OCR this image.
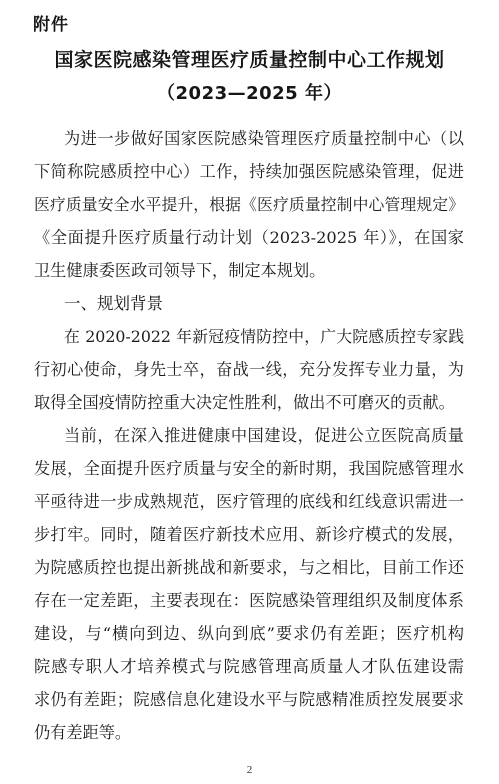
附件
国家医院感染管理医疗质量控制中心工作规划
（2023—2025 年）
为进一步做好国家医院感染管理医疗质量控制中心（以
下简称院感质控中心）工作，持续加强医院感染管理，促进
医疗质量安全水平提升，根据《医疗质量控制中心管理规定》
《全面提升医疗质量行动计划（2023-2025 年）》，在国家
卫生健康委医政司领导下，制定本规划。
一、规划背景
在 2020-2022 年新冠疫情防控中，广大院感质控专家践
行初心使命，身先士卒，奋战一线，充分发挥专业力量，为
取得全国疫情防控重大决定性胜利，做出不可磨灭的贡献。
当前，在深入推进健康中国建设，促进公立医院高质量
发展，全面提升医疗质量与安全的新时期，我国院感管理水
平亟待进一步成熟规范，医疗管理的底线和红线意识需进一
步打牢。同时，随着医疗新技术应用、新诊疗模式的发展，
为院感质控也提出新挑战和新要求，与之相比，目前工作还
存在一定差距，主要表现在：医院感染管理组织及制度体系
建设，与“横向到边、纵向到底”要求仍有差距；医疗机构
院感专职人才培养模式与院感管理高质量人才队伍建设需
求仍有差距；院感信息化建设水平与院感精准质控发展要求
仍有差距等。
2
